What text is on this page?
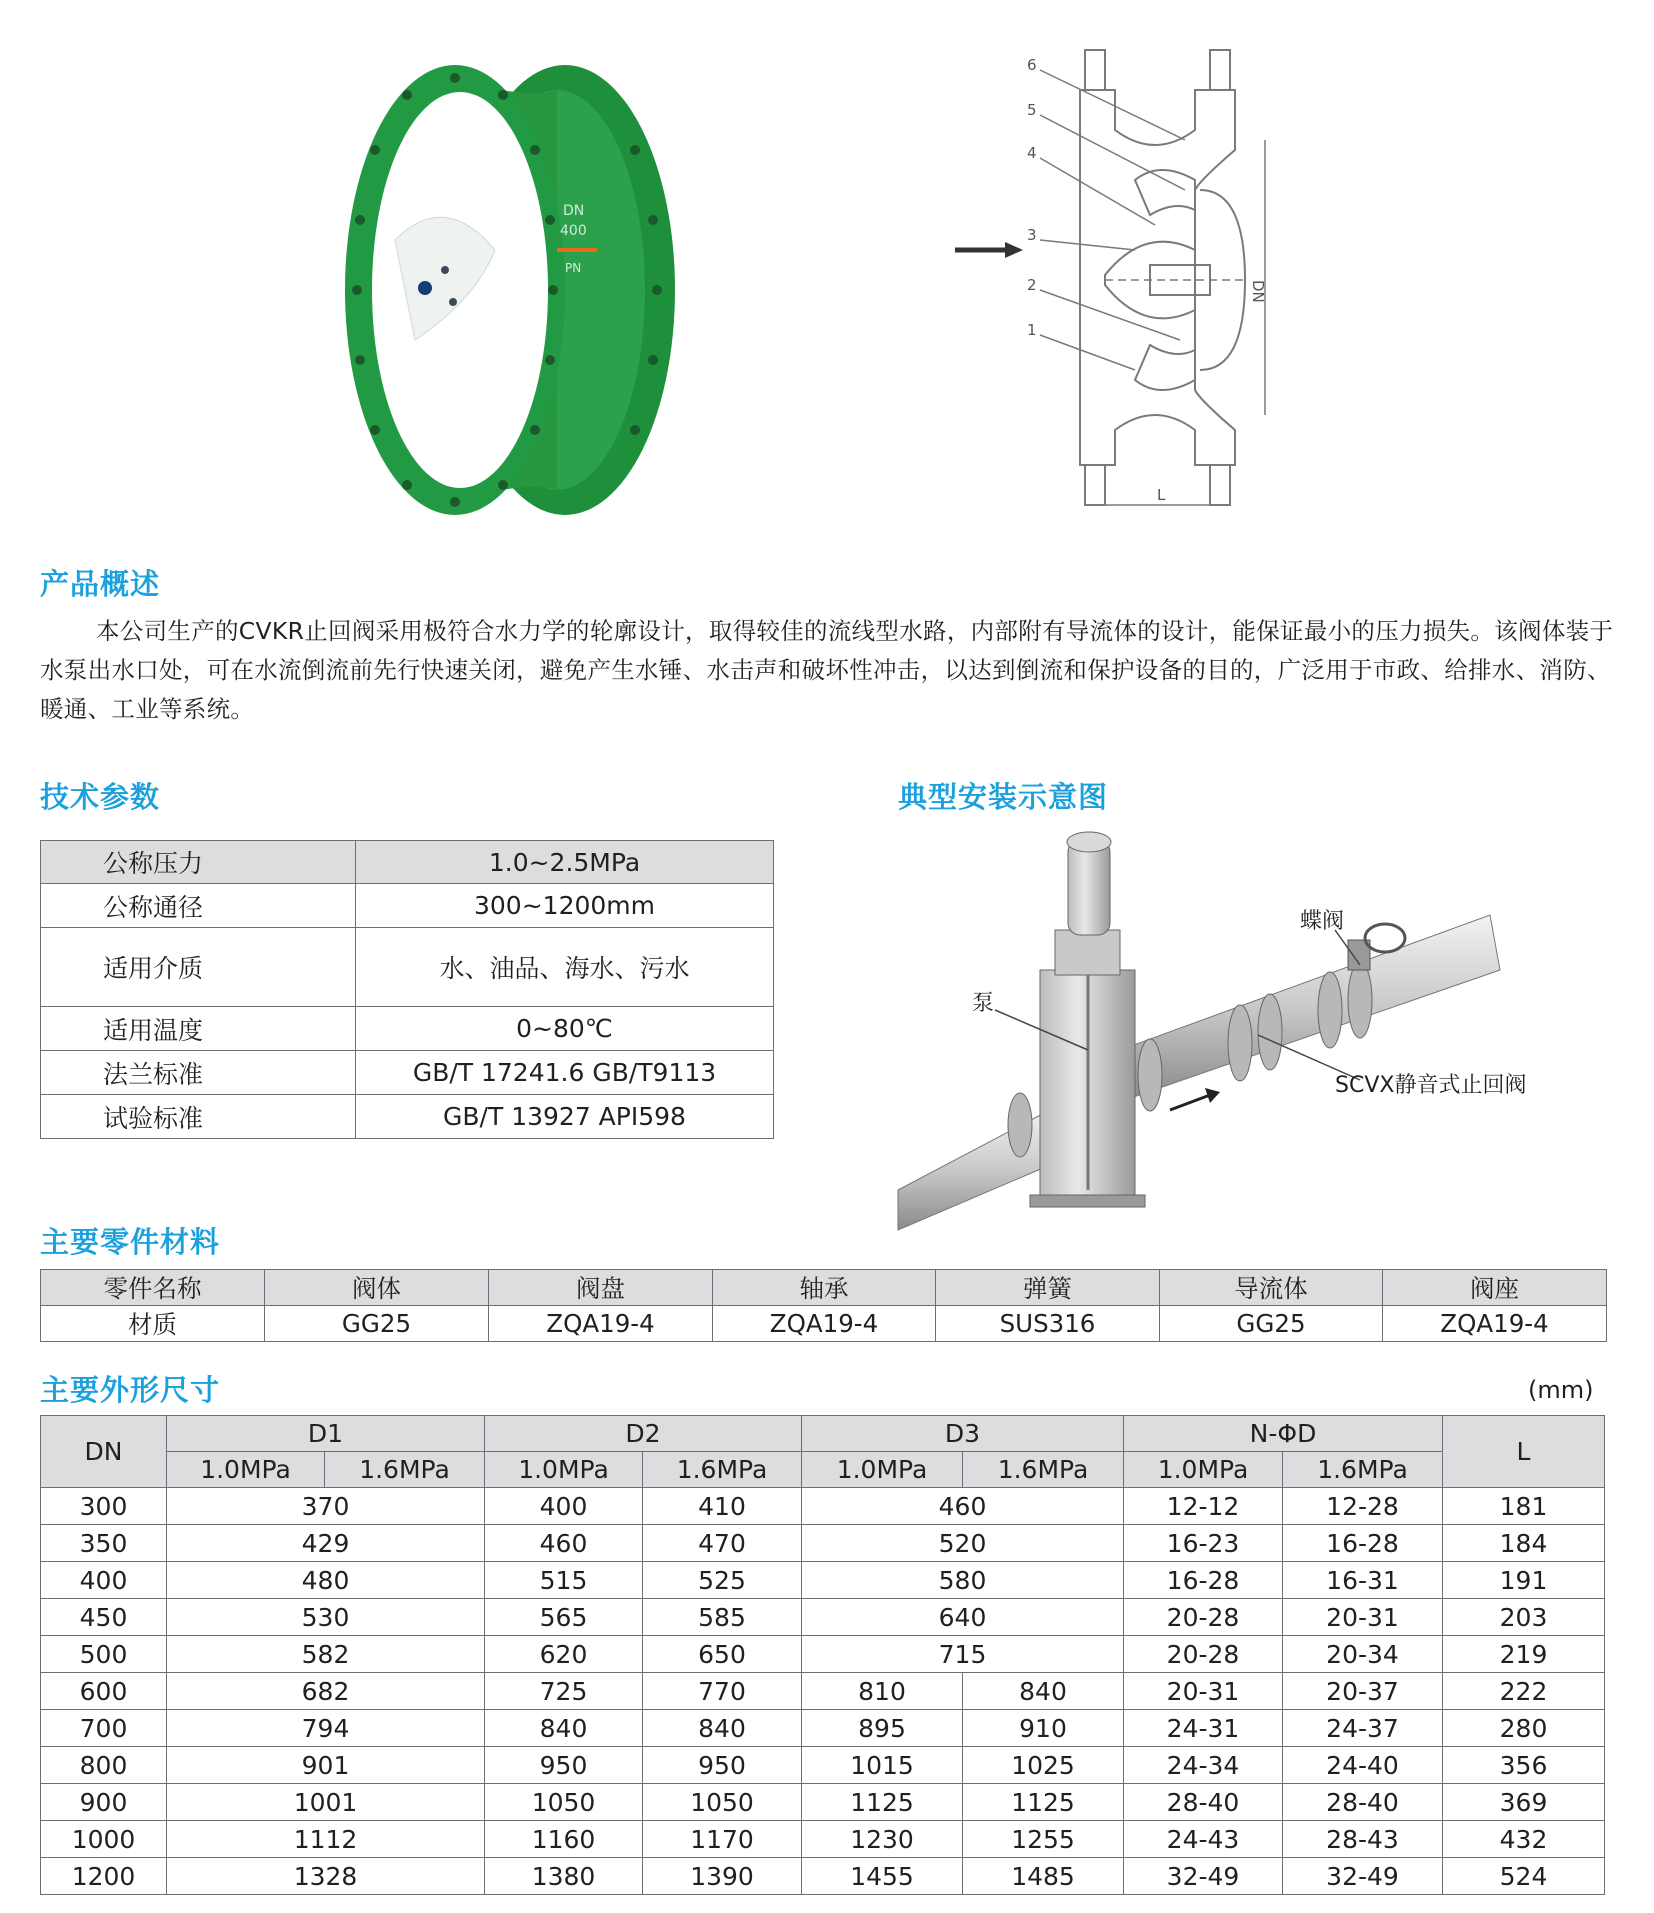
DN
400
PN
6
5
4
3
2
1
DN
L
产品概述

本公司生产的CVKR止回阀采用极符合水力学的轮廓设计，取得较佳的流线型水路，内部附有导流体的设计，能保证最小的压力损失。该阀体装于水泵出水口处，可在水流倒流前先行快速关闭，避免产生水锤、水击声和破坏性冲击，以达到倒流和保护设备的目的，广泛用于市政、给排水、消防、暖通、工业等系统。

技术参数
公称压力	1.0~2.5MPa
公称通径	300~1200mm
适用介质	水、油品、海水、污水
适用温度	0~80℃
法兰标准	GB/T 17241.6 GB/T9113
试验标准	GB/T 13927 API598
典型安装示意图
泵
蝶阀
SCVX静音式止回阀
主要零件材料
零件名称	阀体	阀盘	轴承	弹簧	导流体	阀座
材质	GG25	ZQA19-4	ZQA19-4	SUS316	GG25	ZQA19-4
主要外形尺寸	(mm)
DN	D1		D2		D3		N-ΦD		L
	1.0MPa	1.6MPa	1.0MPa	1.6MPa	1.0MPa	1.6MPa	1.0MPa	1.6MPa	
300	370		400	410	460		12-12	12-28	181
350	429		460	470	520		16-23	16-28	184
400	480		515	525	580		16-28	16-31	191
450	530		565	585	640		20-28	20-31	203
500	582		620	650	715		20-28	20-34	219
600	682		725	770	810	840	20-31	20-37	222
700	794		840	840	895	910	24-31	24-37	280
800	901		950	950	1015	1025	24-34	24-40	356
900	1001		1050	1050	1125	1125	28-40	28-40	369
1000	1112		1160	1170	1230	1255	24-43	28-43	432
1200	1328		1380	1390	1455	1485	32-49	32-49	524
